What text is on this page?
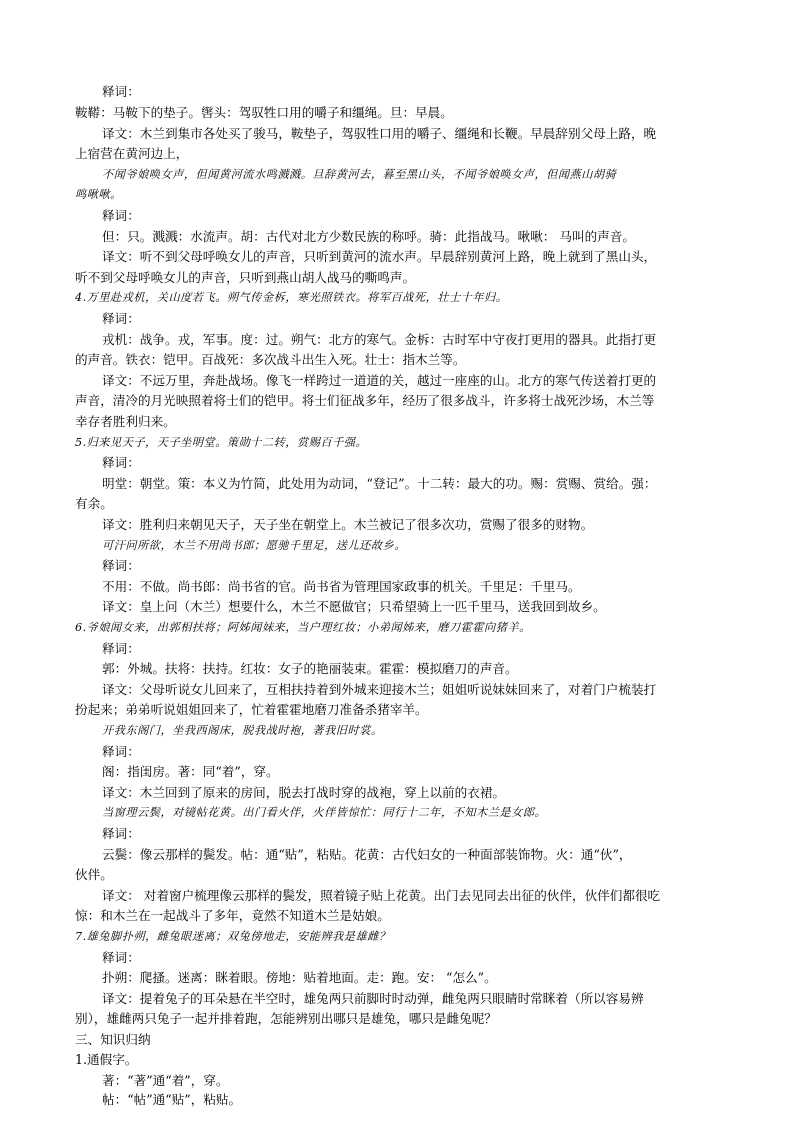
释词：
鞍鞯：马鞍下的垫子。辔头：驾驭牲口用的嚼子和缰绳。旦：早晨。
译文：木兰到集市各处买了骏马，鞍垫子，驾驭牲口用的嚼子、缰绳和长鞭。早晨辞别父母上路，晚
上宿营在黄河边上，
不闻爷娘唤女声，但闻黄河流水鸣溅溅。旦辞黄河去，暮至黑山头，不闻爷娘唤女声，但闻燕山胡骑
鸣啾啾。
释词：
但：只。溅溅：水流声。胡：古代对北方少数民族的称呼。骑：此指战马。啾啾： 马叫的声音。
译文：听不到父母呼唤女儿的声音，只听到黄河的流水声。早晨辞别黄河上路，晚上就到了黑山头，
听不到父母呼唤女儿的声音，只听到燕山胡人战马的嘶鸣声。
4.万里赴戎机，关山度若飞。朔气传金柝，寒光照铁衣。将军百战死，壮士十年归。
释词：
戎机：战争。戎，军事。度：过。朔气：北方的寒气。金柝：古时军中守夜打更用的器具。此指打更
的声音。铁衣：铠甲。百战死：多次战斗出生入死。壮士：指木兰等。
译文：不远万里，奔赴战场。像飞一样跨过一道道的关，越过一座座的山。北方的寒气传送着打更的
声音，清冷的月光映照着将士们的铠甲。将士们征战多年，经历了很多战斗，许多将士战死沙场，木兰等
幸存者胜利归来。
5.归来见天子，天子坐明堂。策勋十二转，赏赐百千强。
释词：
明堂：朝堂。策：本义为竹简，此处用为动词，“登记”。十二转：最大的功。赐：赏赐、赏给。强：
有余。
译文：胜利归来朝见天子，天子坐在朝堂上。木兰被记了很多次功，赏赐了很多的财物。
可汗问所欲，木兰不用尚书郎；愿驰千里足，送儿还故乡。
释词：
不用：不做。尚书郎：尚书省的官。尚书省为管理国家政事的机关。千里足：千里马。
译文：皇上问（木兰）想要什么，木兰不愿做官；只希望骑上一匹千里马，送我回到故乡。
6.爷娘闻女来，出郭相扶将；阿姊闻妹来，当户理红妆；小弟闻姊来，磨刀霍霍向猪羊。
释词：
郭：外城。扶将：扶持。红妆：女子的艳丽装束。霍霍：模拟磨刀的声音。
译文：父母听说女儿回来了，互相扶持着到外城来迎接木兰；姐姐听说妹妹回来了，对着门户梳装打
扮起来；弟弟听说姐姐回来了，忙着霍霍地磨刀准备杀猪宰羊。
开我东阁门，坐我西阁床，脱我战时袍，著我旧时裳。
释词：
阁：指闺房。著：同“着”，穿。
译文：木兰回到了原来的房间，脱去打战时穿的战袍，穿上以前的衣裙。
当窗理云鬓，对镜帖花黄。出门看火伴，火伴皆惊忙：同行十二年，不知木兰是女郎。
释词：
云鬓：像云那样的鬓发。帖：通“贴”，粘贴。花黄：古代妇女的一种面部装饰物。火：通“伙”，
伙伴。
译文： 对着窗户梳理像云那样的鬓发，照着镜子贴上花黄。出门去见同去出征的伙伴，伙伴们都很吃
惊：和木兰在一起战斗了多年，竟然不知道木兰是姑娘。
7.雄兔脚扑朔，雌兔眼迷离；双兔傍地走，安能辨我是雄雌？
释词：
扑朔：爬搔。迷离：眯着眼。傍地：贴着地面。走：跑。安： “怎么”。
译文：提着兔子的耳朵悬在半空时，雄兔两只前脚时时动弹，雌兔两只眼睛时常眯着（所以容易辨
别），雄雌两只兔子一起并排着跑，怎能辨别出哪只是雄兔，哪只是雌兔呢？
三、知识归纳
1.通假字。
著：“著”通“着”，穿。
帖：“帖”通“贴”，粘贴。
